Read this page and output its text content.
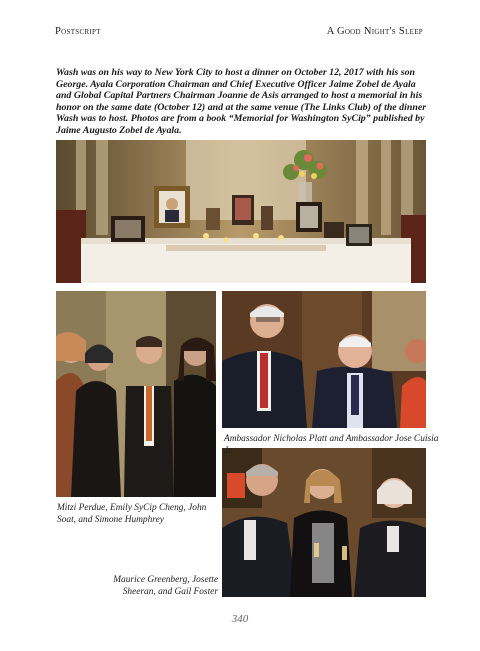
Postscript	A Good Night's Sleep
Wash was on his way to New York City to host a dinner on October 12, 2017 with his son George. Ayala Corporation Chairman and Chief Executive Officer Jaime Zobel de Ayala and Global Capital Partners Chairman Joanne de Asis arranged to host a memorial in his honor on the same date (October 12) and at the same venue (The Links Club) of the dinner Wash was to host. Photos are from a book “Memorial for Washington SyCip” published by Jaime Augusto Zobel de Ayala.
Ambassador Nicholas Platt and Ambassador Jose Cuisia Jr.
Mitzi Perdue, Emily SyCip Cheng, John Soat, and Simone Humphrey
Maurice Greenberg, Josette Sheeran, and Gail Foster
340
